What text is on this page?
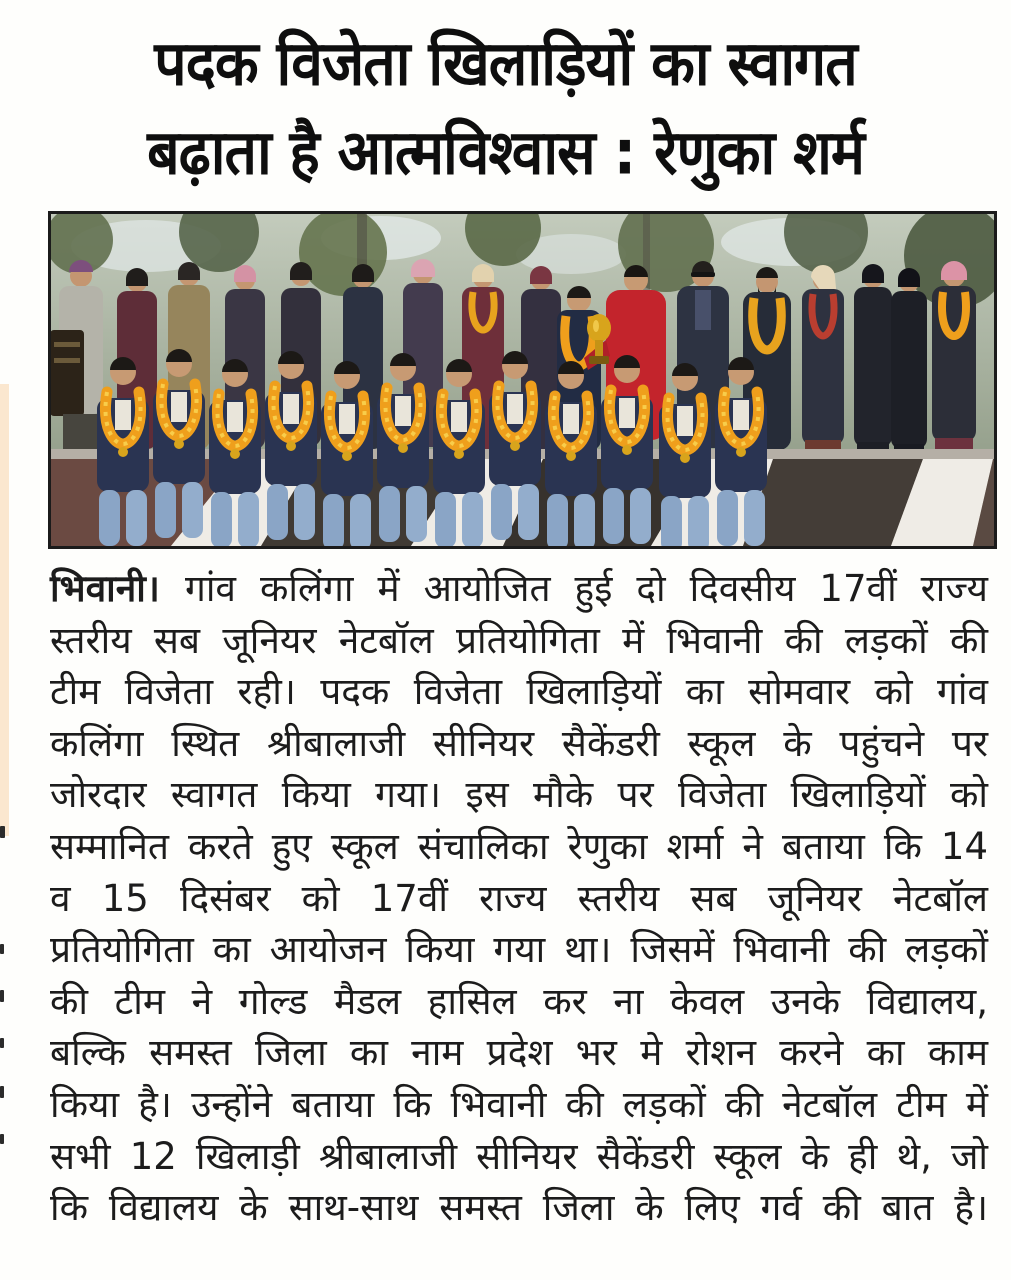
पदक विजेता खिलाड़ियों का स्वागत
बढ़ाता है आत्मविश्वास : रेणुका शर्म
भिवानी। गांव कलिंगा में आयोजित हुई दो दिवसीय 17वीं राज्य
स्तरीय सब जूनियर नेटबॉल प्रतियोगिता में भिवानी की लड़कों की
टीम विजेता रही। पदक विजेता खिलाड़ियों का सोमवार को गांव
कलिंगा स्थित श्रीबालाजी सीनियर सैकेंडरी स्कूल के पहुंचने पर
जोरदार स्वागत किया गया। इस मौके पर विजेता खिलाड़ियों को
सम्मानित करते हुए स्कूल संचालिका रेणुका शर्मा ने बताया कि 14
व 15 दिसंबर को 17वीं राज्य स्तरीय सब जूनियर नेटबॉल
प्रतियोगिता का आयोजन किया गया था। जिसमें भिवानी की लड़कों
की टीम ने गोल्ड मैडल हासिल कर ना केवल उनके विद्यालय,
बल्कि समस्त जिला का नाम प्रदेश भर मे रोशन करने का काम
किया है। उन्होंने बताया कि भिवानी की लड़कों की नेटबॉल टीम में
सभी 12 खिलाड़ी श्रीबालाजी सीनियर सैकेंडरी स्कूल के ही थे, जो
कि विद्यालय के साथ-साथ समस्त जिला के लिए गर्व की बात है।
